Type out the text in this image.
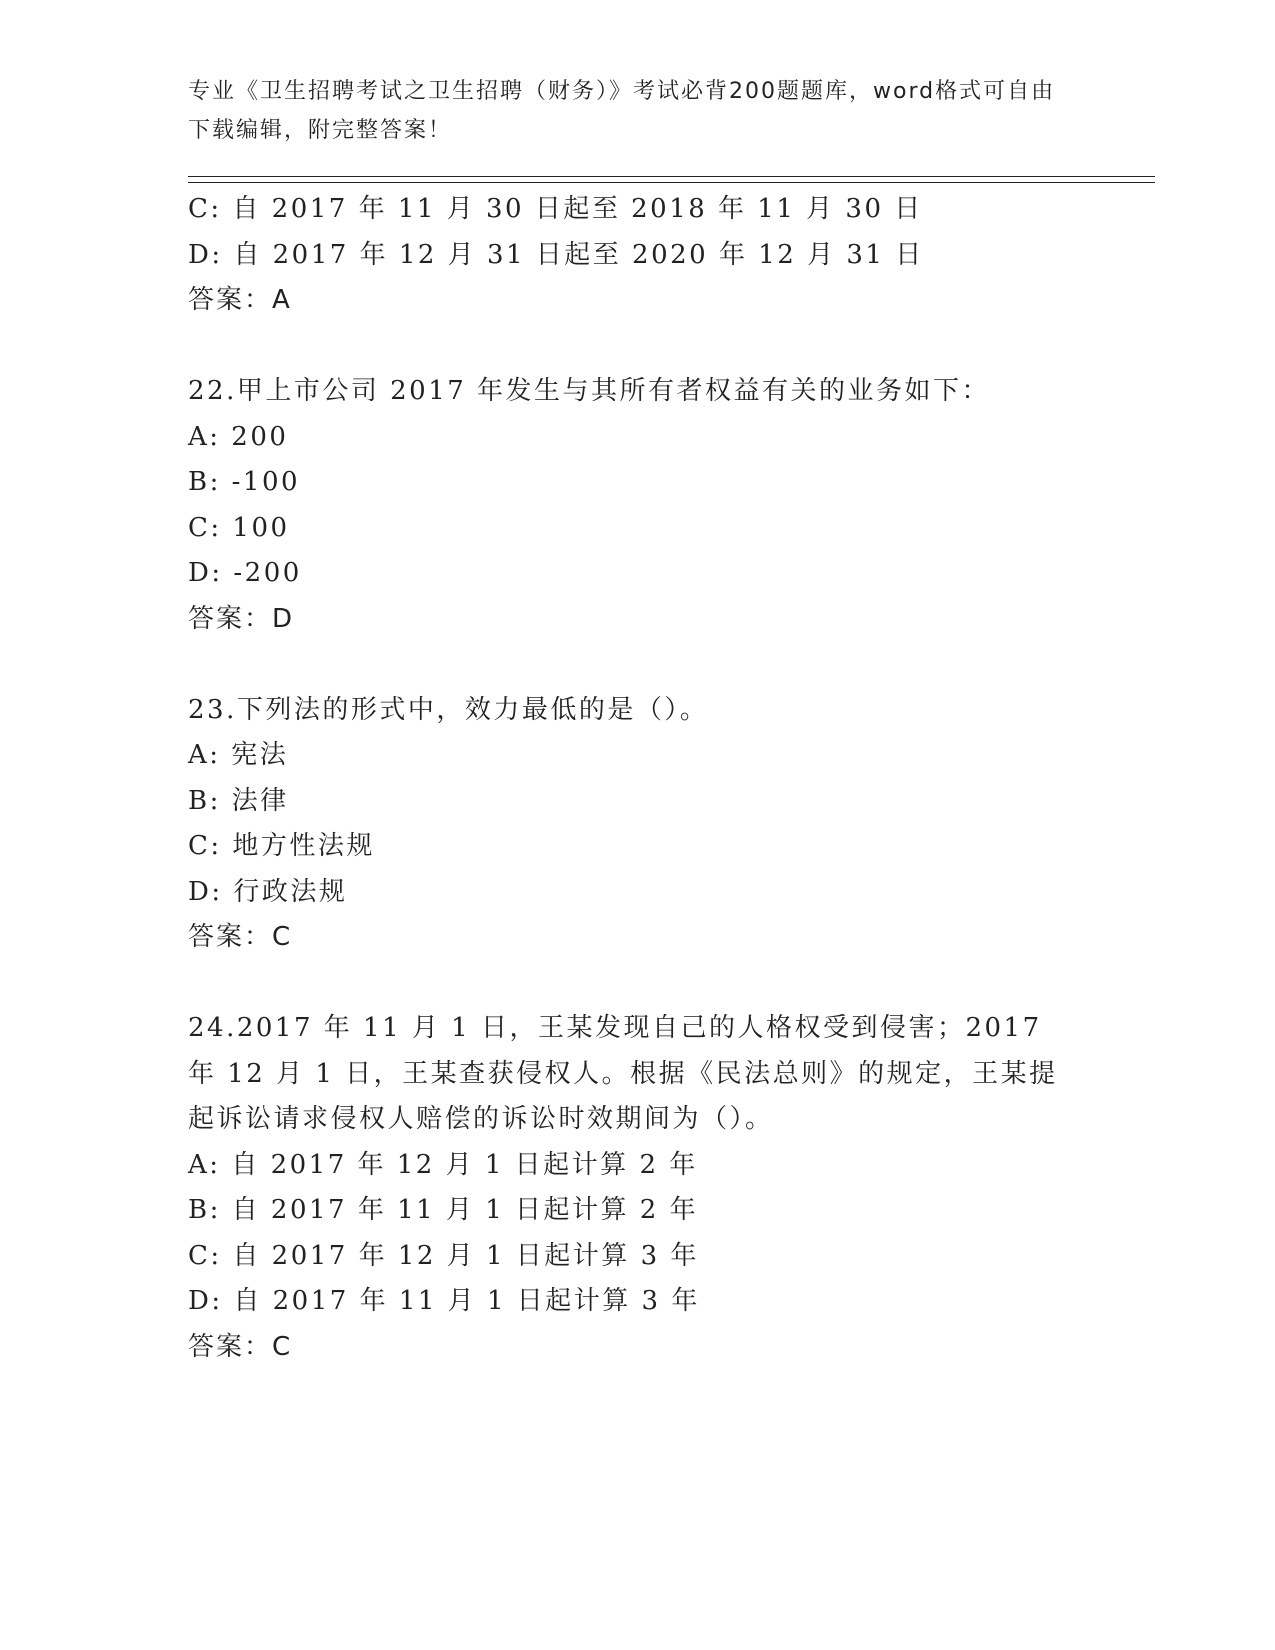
专业《卫生招聘考试之卫生招聘（财务）》考试必背200题题库，word格式可自由下载编辑，附完整答案！
C: 自 2017 年 11 月 30 日起至 2018 年 11 月 30 日
D: 自 2017 年 12 月 31 日起至 2020 年 12 月 31 日
答案：A
22.甲上市公司 2017 年发生与其所有者权益有关的业务如下：
A: 200
B: -100
C: 100
D: -200
答案：D
23.下列法的形式中，效力最低的是（）。
A: 宪法
B: 法律
C: 地方性法规
D: 行政法规
答案：C
24.2017 年 11 月 1 日，王某发现自己的人格权受到侵害；2017 年 12 月 1 日，王某查获侵权人。根据《民法总则》的规定，王某提起诉讼请求侵权人赔偿的诉讼时效期间为（）。
A: 自 2017 年 12 月 1 日起计算 2 年
B: 自 2017 年 11 月 1 日起计算 2 年
C: 自 2017 年 12 月 1 日起计算 3 年
D: 自 2017 年 11 月 1 日起计算 3 年
答案：C
